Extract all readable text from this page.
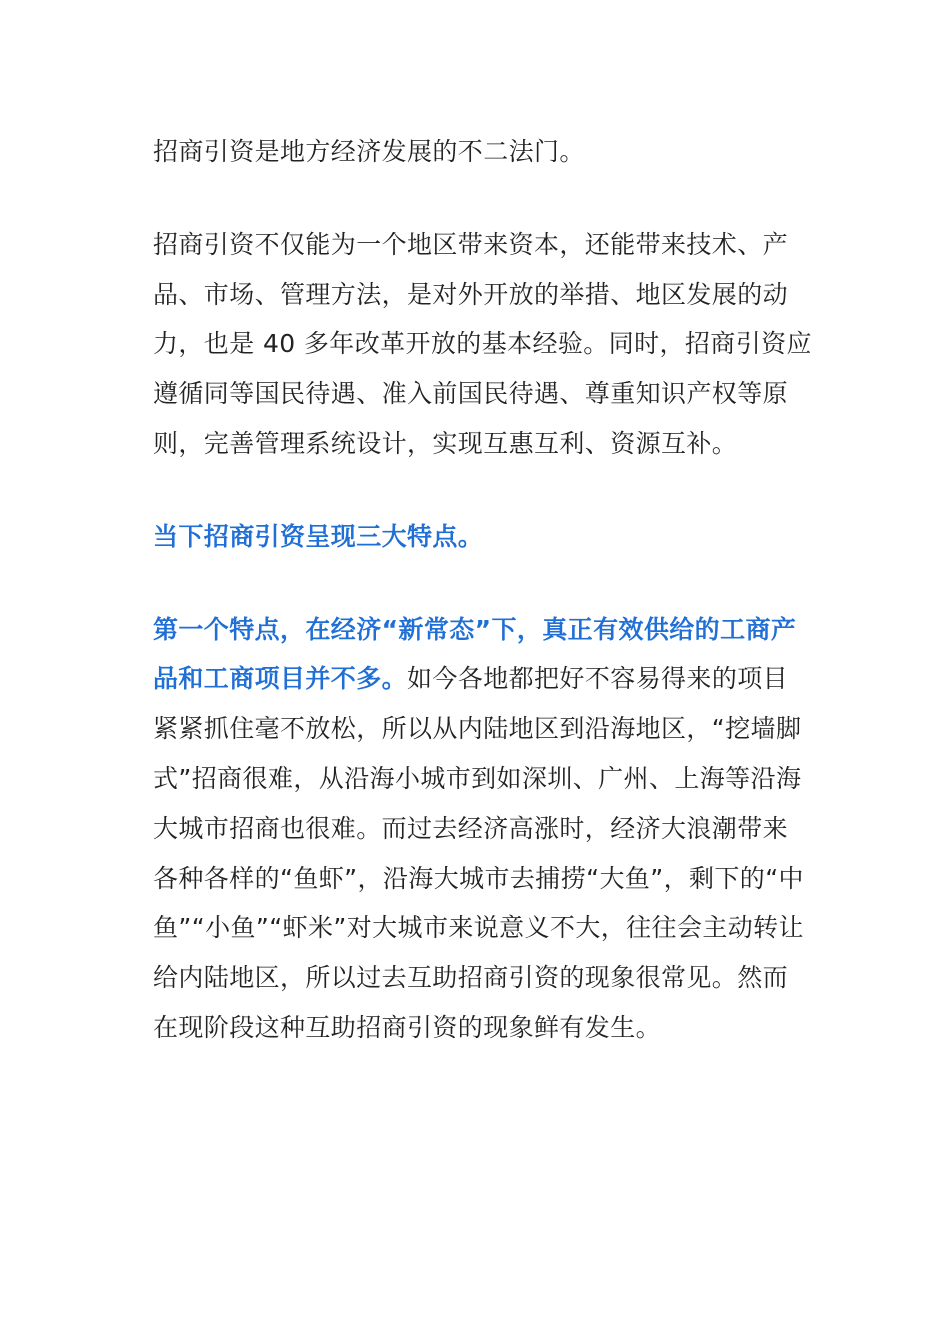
招商引资是地方经济发展的不二法门。

招商引资不仅能为一个地区带来资本，还能带来技术、产品、市场、管理方法，是对外开放的举措、地区发展的动力，也是 40 多年改革开放的基本经验。同时，招商引资应遵循同等国民待遇、准入前国民待遇、尊重知识产权等原则，完善管理系统设计，实现互惠互利、资源互补。

当下招商引资呈现三大特点。

第一个特点，在经济“新常态”下，真正有效供给的工商产品和工商项目并不多。如今各地都把好不容易得来的项目紧紧抓住毫不放松，所以从内陆地区到沿海地区，“挖墙脚式”招商很难，从沿海小城市到如深圳、广州、上海等沿海大城市招商也很难。而过去经济高涨时，经济大浪潮带来各种各样的“鱼虾”，沿海大城市去捕捞“大鱼”，剩下的“中鱼”“小鱼”“虾米”对大城市来说意义不大，往往会主动转让给内陆地区，所以过去互助招商引资的现象很常见。然而在现阶段这种互助招商引资的现象鲜有发生。
